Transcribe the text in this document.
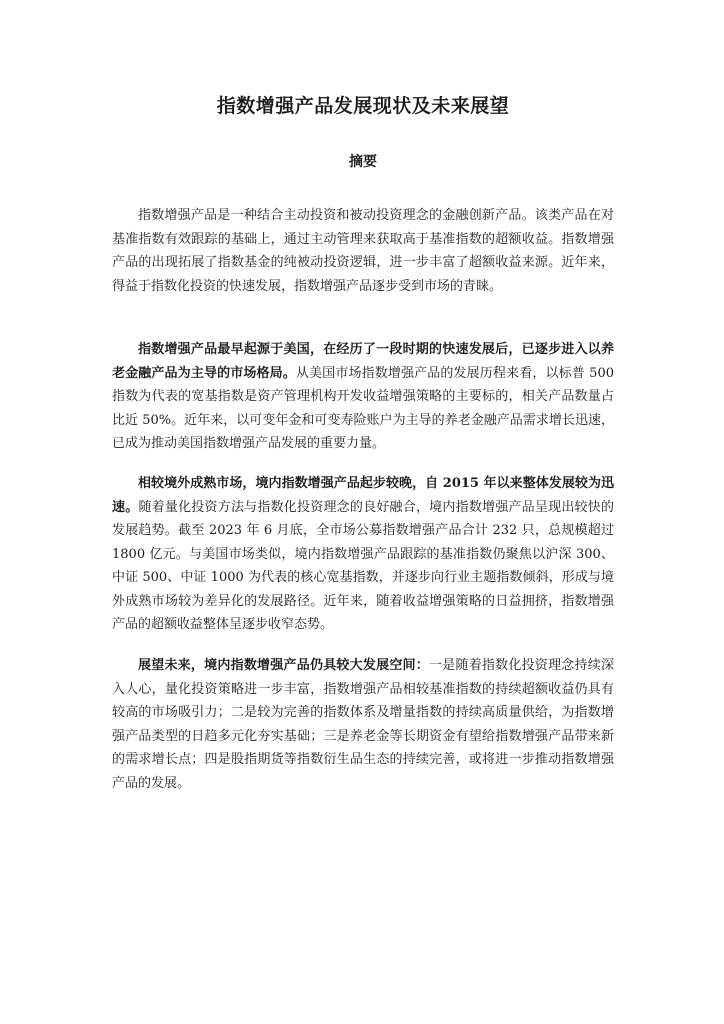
指数增强产品发展现状及未来展望
摘要

指数增强产品是一种结合主动投资和被动投资理念的金融创新产品。该类产品在对基准指数有效跟踪的基础上，通过主动管理来获取高于基准指数的超额收益。指数增强产品的出现拓展了指数基金的纯被动投资逻辑，进一步丰富了超额收益来源。近年来，得益于指数化投资的快速发展，指数增强产品逐步受到市场的青睐。

指数增强产品最早起源于美国，在经历了一段时期的快速发展后，已逐步进入以养老金融产品为主导的市场格局。从美国市场指数增强产品的发展历程来看，以标普 500 指数为代表的宽基指数是资产管理机构开发收益增强策略的主要标的，相关产品数量占比近 50%。近年来，以可变年金和可变寿险账户为主导的养老金融产品需求增长迅速，已成为推动美国指数增强产品发展的重要力量。

相较境外成熟市场，境内指数增强产品起步较晚，自 2015 年以来整体发展较为迅速。随着量化投资方法与指数化投资理念的良好融合，境内指数增强产品呈现出较快的发展趋势。截至 2023 年 6 月底，全市场公募指数增强产品合计 232 只，总规模超过 1800 亿元。与美国市场类似，境内指数增强产品跟踪的基准指数仍聚焦以沪深 300、中证 500、中证 1000 为代表的核心宽基指数，并逐步向行业主题指数倾斜，形成与境外成熟市场较为差异化的发展路径。近年来，随着收益增强策略的日益拥挤，指数增强产品的超额收益整体呈逐步收窄态势。

展望未来，境内指数增强产品仍具较大发展空间：一是随着指数化投资理念持续深入人心，量化投资策略进一步丰富，指数增强产品相较基准指数的持续超额收益仍具有较高的市场吸引力；二是较为完善的指数体系及增量指数的持续高质量供给，为指数增强产品类型的日趋多元化夯实基础；三是养老金等长期资金有望给指数增强产品带来新的需求增长点；四是股指期货等指数衍生品生态的持续完善，或将进一步推动指数增强产品的发展。
